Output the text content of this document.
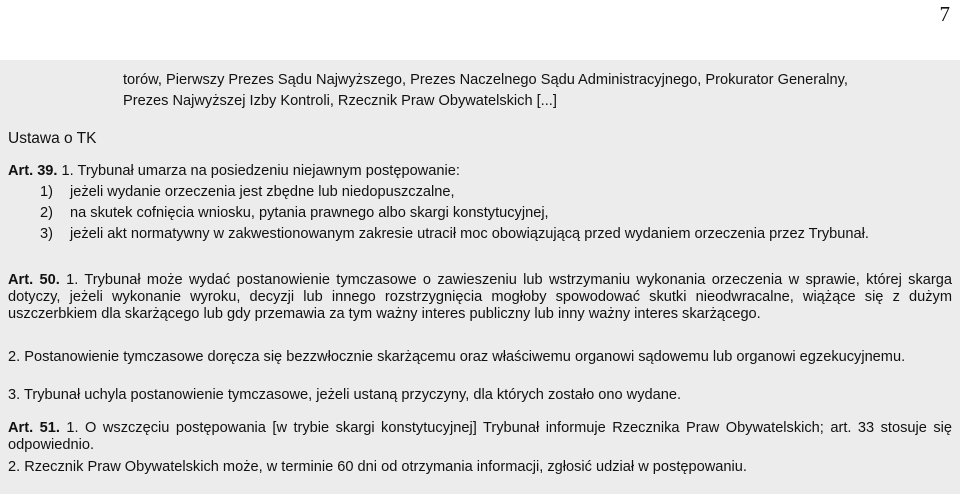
7

torów, Pierwszy Prezes Sądu Najwyższego, Prezes Naczelnego Sądu Administracyjnego, Prokurator Generalny,

Prezes Najwyższej Izby Kontroli, Rzecznik Praw Obywatelskich [...]

Ustawa o TK

Art. 39. 1. Trybunał umarza na posiedzeniu niejawnym postępowanie:

1) jeżeli wydanie orzeczenia jest zbędne lub niedopuszczalne,

2) na skutek cofnięcia wniosku, pytania prawnego albo skargi konstytucyjnej,

3) jeżeli akt normatywny w zakwestionowanym zakresie utracił moc obowiązującą przed wydaniem orzeczenia przez Trybunał.

Art. 50. 1. Trybunał może wydać postanowienie tymczasowe o zawieszeniu lub wstrzymaniu wykonania orzeczenia w sprawie, której skarga dotyczy, jeżeli wykonanie wyroku, decyzji lub innego rozstrzygnięcia mogłoby spowodować skutki nieodwracalne, wiążące się z dużym uszczerbkiem dla skarżącego lub gdy przemawia za tym ważny interes publiczny lub inny ważny interes skarżącego.

2. Postanowienie tymczasowe doręcza się bezzwłocznie skarżącemu oraz właściwemu organowi sądowemu lub organowi egzekucyjnemu.

3. Trybunał uchyla postanowienie tymczasowe, jeżeli ustaną przyczyny, dla których zostało ono wydane.

Art. 51. 1. O wszczęciu postępowania [w trybie skargi konstytucyjnej] Trybunał informuje Rzecznika Praw Obywatelskich; art. 33 stosuje się odpowiednio.

2. Rzecznik Praw Obywatelskich może, w terminie 60 dni od otrzymania informacji, zgłosić udział w postępowaniu.
